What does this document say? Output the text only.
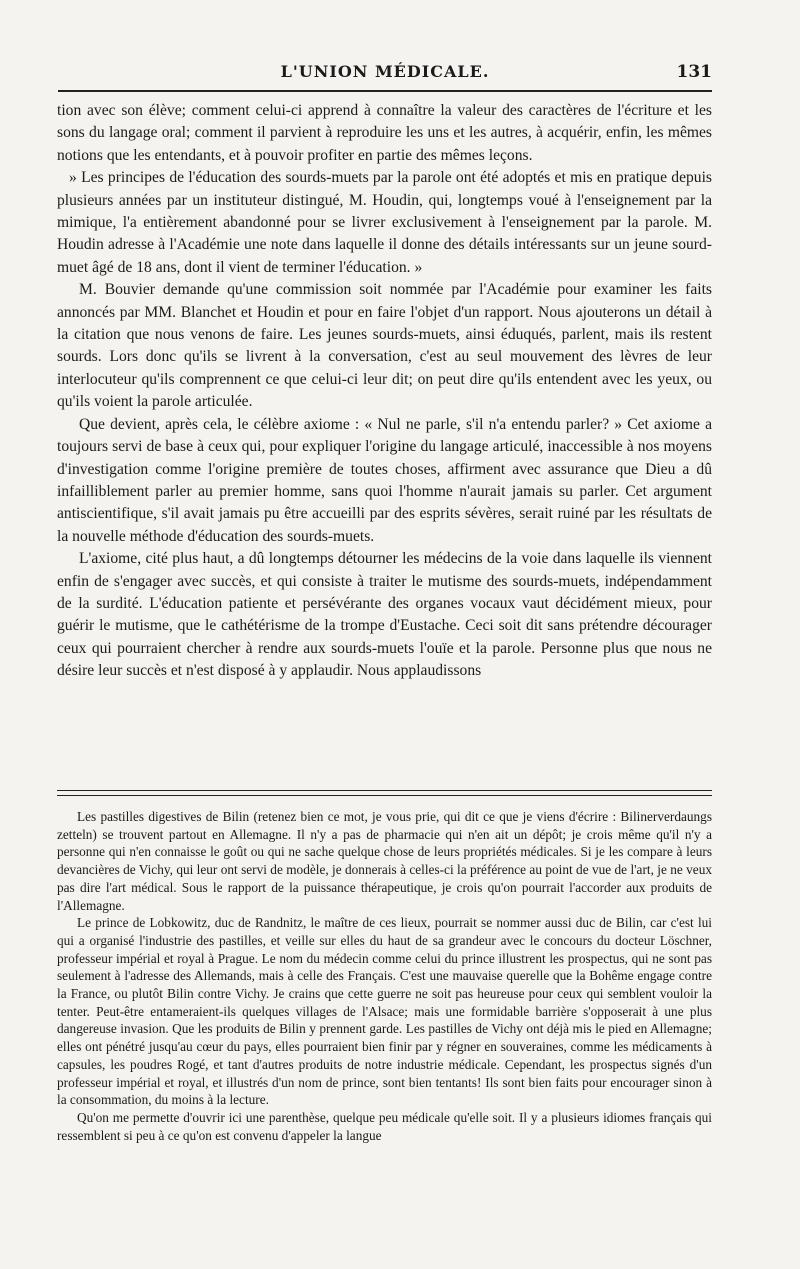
L'UNION MÉDICALE.	131

tion avec son élève; comment celui-ci apprend à connaître la valeur des caractères de l'écriture et les sons du langage oral; comment il parvient à reproduire les uns et les autres, à acquérir, enfin, les mêmes notions que les entendants, et à pouvoir profiter en partie des mêmes leçons.

» Les principes de l'éducation des sourds-muets par la parole ont été adoptés et mis en pratique depuis plusieurs années par un instituteur distingué, M. Houdin, qui, longtemps voué à l'enseignement par la mimique, l'a entièrement abandonné pour se livrer exclusivement à l'enseignement par la parole. M. Houdin adresse à l'Académie une note dans laquelle il donne des détails intéressants sur un jeune sourd-muet âgé de 18 ans, dont il vient de terminer l'éducation. »

M. Bouvier demande qu'une commission soit nommée par l'Académie pour examiner les faits annoncés par MM. Blanchet et Houdin et pour en faire l'objet d'un rapport. Nous ajouterons un détail à la citation que nous venons de faire. Les jeunes sourds-muets, ainsi éduqués, parlent, mais ils restent sourds. Lors donc qu'ils se livrent à la conversation, c'est au seul mouvement des lèvres de leur interlocuteur qu'ils comprennent ce que celui-ci leur dit; on peut dire qu'ils entendent avec les yeux, ou qu'ils voient la parole articulée.

Que devient, après cela, le célèbre axiome : « Nul ne parle, s'il n'a entendu parler? » Cet axiome a toujours servi de base à ceux qui, pour expliquer l'origine du langage articulé, inaccessible à nos moyens d'investigation comme l'origine première de toutes choses, affirment avec assurance que Dieu a dû infailliblement parler au premier homme, sans quoi l'homme n'aurait jamais su parler. Cet argument antiscientifique, s'il avait jamais pu être accueilli par des esprits sévères, serait ruiné par les résultats de la nouvelle méthode d'éducation des sourds-muets.

L'axiome, cité plus haut, a dû longtemps détourner les médecins de la voie dans laquelle ils viennent enfin de s'engager avec succès, et qui consiste à traiter le mutisme des sourds-muets, indépendamment de la surdité. L'éducation patiente et persévérante des organes vocaux vaut décidément mieux, pour guérir le mutisme, que le cathétérisme de la trompe d'Eustache. Ceci soit dit sans prétendre décourager ceux qui pourraient chercher à rendre aux sourds-muets l'ouïe et la parole. Personne plus que nous ne désire leur succès et n'est disposé à y applaudir. Nous applaudissons

Les pastilles digestives de Bilin (retenez bien ce mot, je vous prie, qui dit ce que je viens d'écrire : Bilinerverdaungs zetteln) se trouvent partout en Allemagne. Il n'y a pas de pharmacie qui n'en ait un dépôt; je crois même qu'il n'y a personne qui n'en connaisse le goût ou qui ne sache quelque chose de leurs propriétés médicales. Si je les compare à leurs devancières de Vichy, qui leur ont servi de modèle, je donnerais à celles-ci la préférence au point de vue de l'art, je ne veux pas dire l'art médical. Sous le rapport de la puissance thérapeutique, je crois qu'on pourrait l'accorder aux produits de l'Allemagne.

Le prince de Lobkowitz, duc de Randnitz, le maître de ces lieux, pourrait se nommer aussi duc de Bilin, car c'est lui qui a organisé l'industrie des pastilles, et veille sur elles du haut de sa grandeur avec le concours du docteur Löschner, professeur impérial et royal à Prague. Le nom du médecin comme celui du prince illustrent les prospectus, qui ne sont pas seulement à l'adresse des Allemands, mais à celle des Français. C'est une mauvaise querelle que la Bohême engage contre la France, ou plutôt Bilin contre Vichy. Je crains que cette guerre ne soit pas heureuse pour ceux qui semblent vouloir la tenter. Peut-être entameraient-ils quelques villages de l'Alsace; mais une formidable barrière s'opposerait à une plus dangereuse invasion. Que les produits de Bilin y prennent garde. Les pastilles de Vichy ont déjà mis le pied en Allemagne; elles ont pénétré jusqu'au cœur du pays, elles pourraient bien finir par y régner en souveraines, comme les médicaments à capsules, les poudres Rogé, et tant d'autres produits de notre industrie médicale. Cependant, les prospectus signés d'un professeur impérial et royal, et illustrés d'un nom de prince, sont bien tentants! Ils sont bien faits pour encourager sinon à la consommation, du moins à la lecture.

Qu'on me permette d'ouvrir ici une parenthèse, quelque peu médicale qu'elle soit. Il y a plusieurs idiomes français qui ressemblent si peu à ce qu'on est convenu d'appeler la langue
